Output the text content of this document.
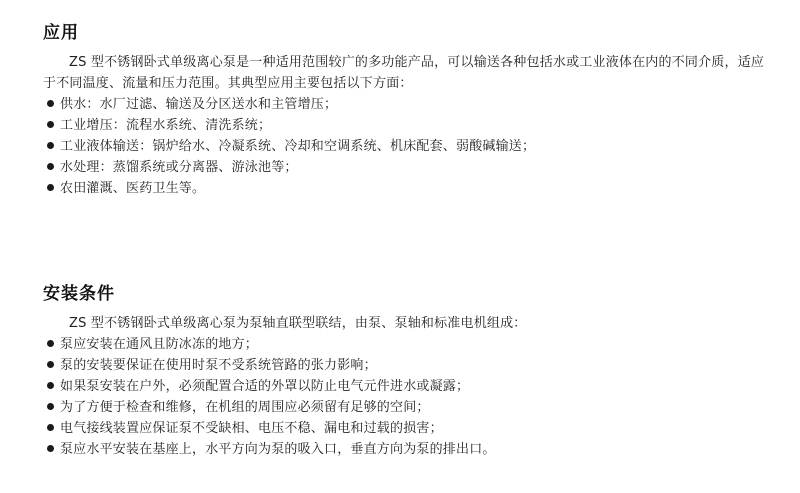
应用

ZS 型不锈钢卧式单级离心泵是一种适用范围较广的多功能产品，可以输送各种包括水或工业液体在内的不同介质，适应于不同温度、流量和压力范围。其典型应用主要包括以下方面：

供水：水厂过滤、输送及分区送水和主管增压；
工业增压：流程水系统、清洗系统；
工业液体输送：锅炉给水、冷凝系统、冷却和空调系统、机床配套、弱酸碱输送；
水处理：蒸馏系统或分离器、游泳池等；
农田灌溉、医药卫生等。
安装条件

ZS 型不锈钢卧式单级离心泵为泵轴直联型联结，由泵、泵轴和标准电机组成：

泵应安装在通风且防冰冻的地方；
泵的安装要保证在使用时泵不受系统管路的张力影响；
如果泵安装在户外，必须配置合适的外罩以防止电气元件进水或凝露；
为了方便于检查和维修，在机组的周围应必须留有足够的空间；
电气接线装置应保证泵不受缺相、电压不稳、漏电和过载的损害；
泵应水平安装在基座上，水平方向为泵的吸入口，垂直方向为泵的排出口。
